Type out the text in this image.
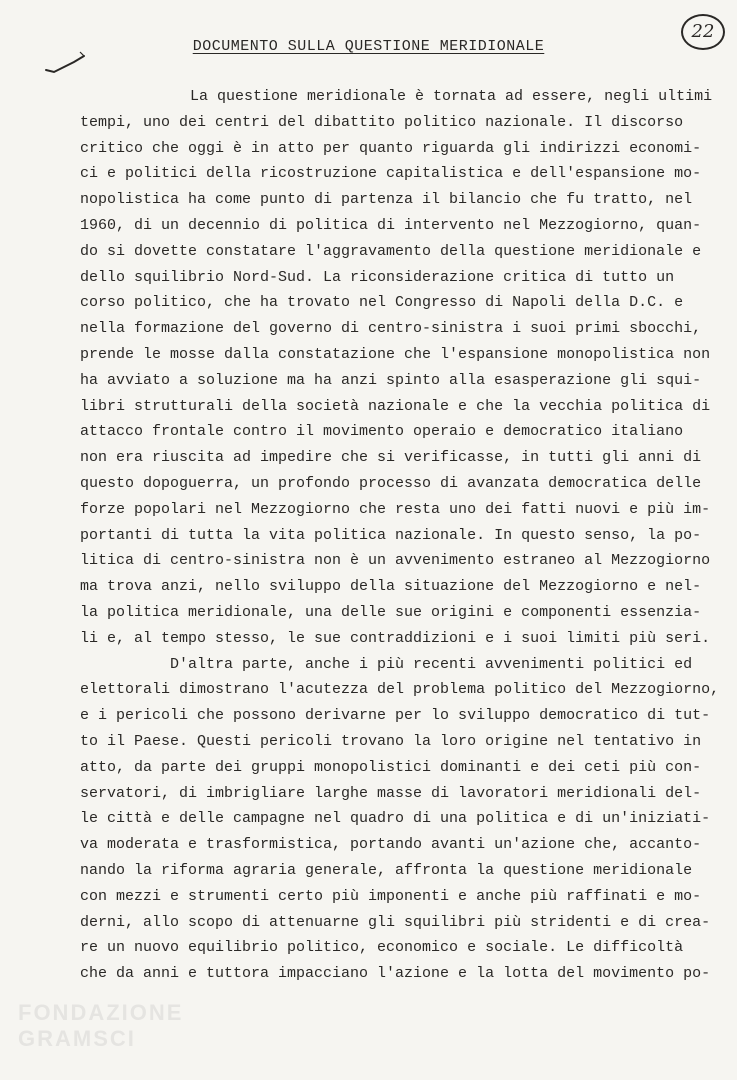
DOCUMENTO SULLA QUESTIONE MERIDIONALE
22
La questione meridionale è tornata ad essere, negli ultimi
tempi, uno dei centri del dibattito politico nazionale. Il discorso
critico che oggi è in atto per quanto riguarda gli indirizzi economi-
ci e politici della ricostruzione capitalistica e dell'espansione mo-
nopolistica ha come punto di partenza il bilancio che fu tratto, nel
1960, di un decennio di politica di intervento nel Mezzogiorno, quan-
do si dovette constatare l'aggravamento della questione meridionale e
dello squilibrio Nord-Sud. La riconsiderazione critica di tutto un
corso politico, che ha trovato nel Congresso di Napoli della D.C. e
nella formazione del governo di centro-sinistra i suoi primi sbocchi,
prende le mosse dalla constatazione che l'espansione monopolistica non
ha avviato a soluzione ma ha anzi spinto alla esasperazione gli squi-
libri strutturali della società nazionale e che la vecchia politica di
attacco frontale contro il movimento operaio e democratico italiano
non era riuscita ad impedire che si verificasse, in tutti gli anni di
questo dopoguerra, un profondo processo di avanzata democratica delle
forze popolari nel Mezzogiorno che resta uno dei fatti nuovi e più im-
portanti di tutta la vita politica nazionale. In questo senso, la po-
litica di centro-sinistra non è un avvenimento estraneo al Mezzogiorno
ma trova anzi, nello sviluppo della situazione del Mezzogiorno e nel-
la politica meridionale, una delle sue origini e componenti essenzia-
li e, al tempo stesso, le sue contraddizioni e i suoi limiti più seri.
D'altra parte, anche i più recenti avvenimenti politici ed
elettorali dimostrano l'acutezza del problema politico del Mezzogiorno,
e i pericoli che possono derivarne per lo sviluppo democratico di tut-
to il Paese. Questi pericoli trovano la loro origine nel tentativo in
atto, da parte dei gruppi monopolistici dominanti e dei ceti più con-
servatori, di imbrigliare larghe masse di lavoratori meridionali del-
le città e delle campagne nel quadro di una politica e di un'iniziati-
va moderata e trasformistica, portando avanti un'azione che, accanto-
nando la riforma agraria generale, affronta la questione meridionale
con mezzi e strumenti certo più imponenti e anche più raffinati e mo-
derni, allo scopo di attenuarne gli squilibri più stridenti e di crea-
re un nuovo equilibrio politico, economico e sociale. Le difficoltà
che da anni e tuttora impacciano l'azione e la lotta del movimento po-
FONDAZIONE
GRAMSCI
